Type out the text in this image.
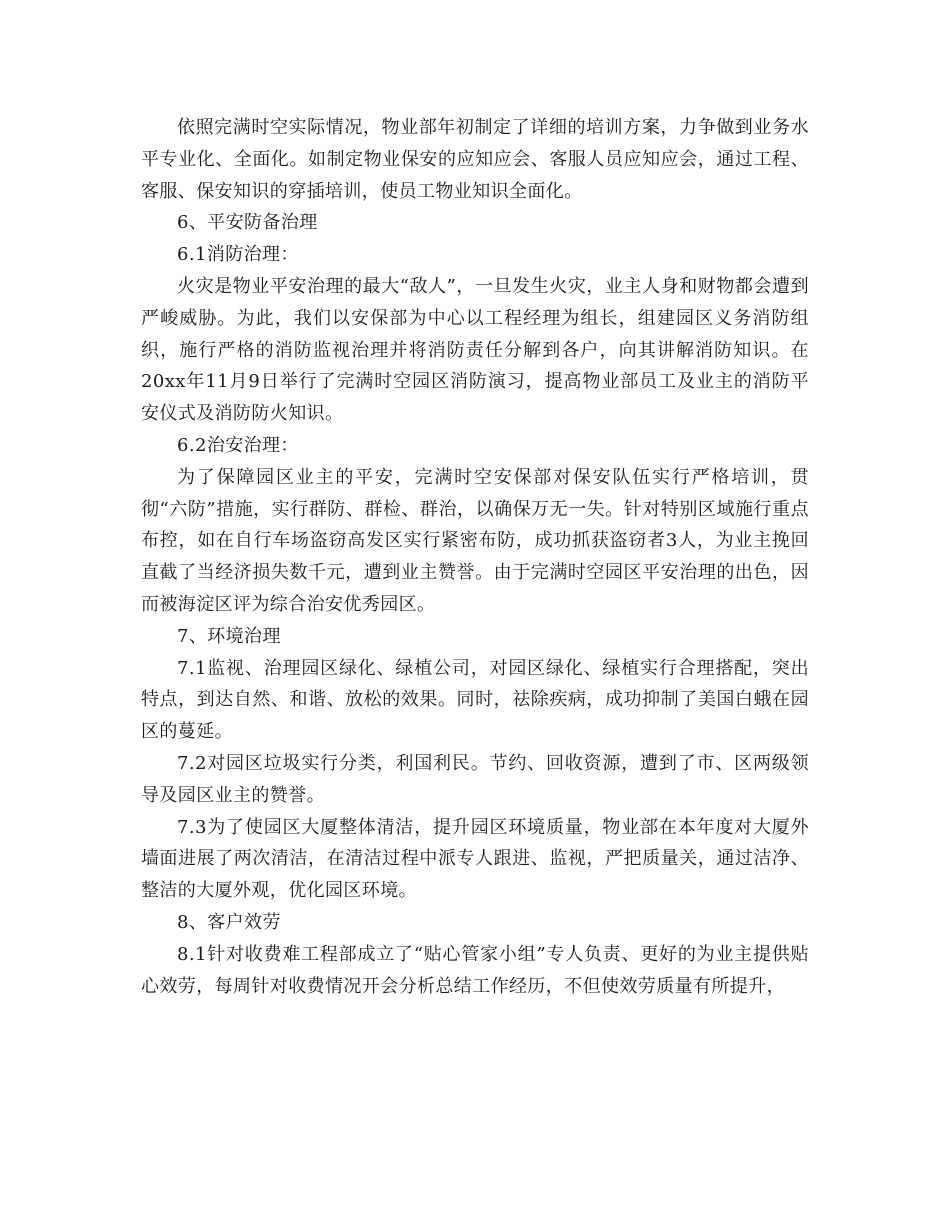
依照完满时空实际情况，物业部年初制定了详细的培训方案，力争做到业务水平专业化、全面化。如制定物业保安的应知应会、客服人员应知应会，通过工程、客服、保安知识的穿插培训，使员工物业知识全面化。

6、平安防备治理

6.1消防治理：

火灾是物业平安治理的最大“敌人”，一旦发生火灾，业主人身和财物都会遭到严峻威胁。为此，我们以安保部为中心以工程经理为组长，组建园区义务消防组织，施行严格的消防监视治理并将消防责任分解到各户，向其讲解消防知识。在20xx年11月9日举行了完满时空园区消防演习，提高物业部员工及业主的消防平安仪式及消防防火知识。

6.2治安治理：

为了保障园区业主的平安，完满时空安保部对保安队伍实行严格培训，贯彻“六防”措施，实行群防、群检、群治，以确保万无一失。针对特别区域施行重点布控，如在自行车场盗窃高发区实行紧密布防，成功抓获盗窃者3人，为业主挽回直截了当经济损失数千元，遭到业主赞誉。由于完满时空园区平安治理的出色，因而被海淀区评为综合治安优秀园区。

7、环境治理

7.1监视、治理园区绿化、绿植公司，对园区绿化、绿植实行合理搭配，突出特点，到达自然、和谐、放松的效果。同时，祛除疾病，成功抑制了美国白蛾在园区的蔓延。

7.2对园区垃圾实行分类，利国利民。节约、回收资源，遭到了市、区两级领导及园区业主的赞誉。

7.3为了使园区大厦整体清洁，提升园区环境质量，物业部在本年度对大厦外墙面进展了两次清洁，在清洁过程中派专人跟进、监视，严把质量关，通过洁净、整洁的大厦外观，优化园区环境。

8、客户效劳

8.1针对收费难工程部成立了“贴心管家小组”专人负责、更好的为业主提供贴心效劳，每周针对收费情况开会分析总结工作经历，不但使效劳质量有所提升，
